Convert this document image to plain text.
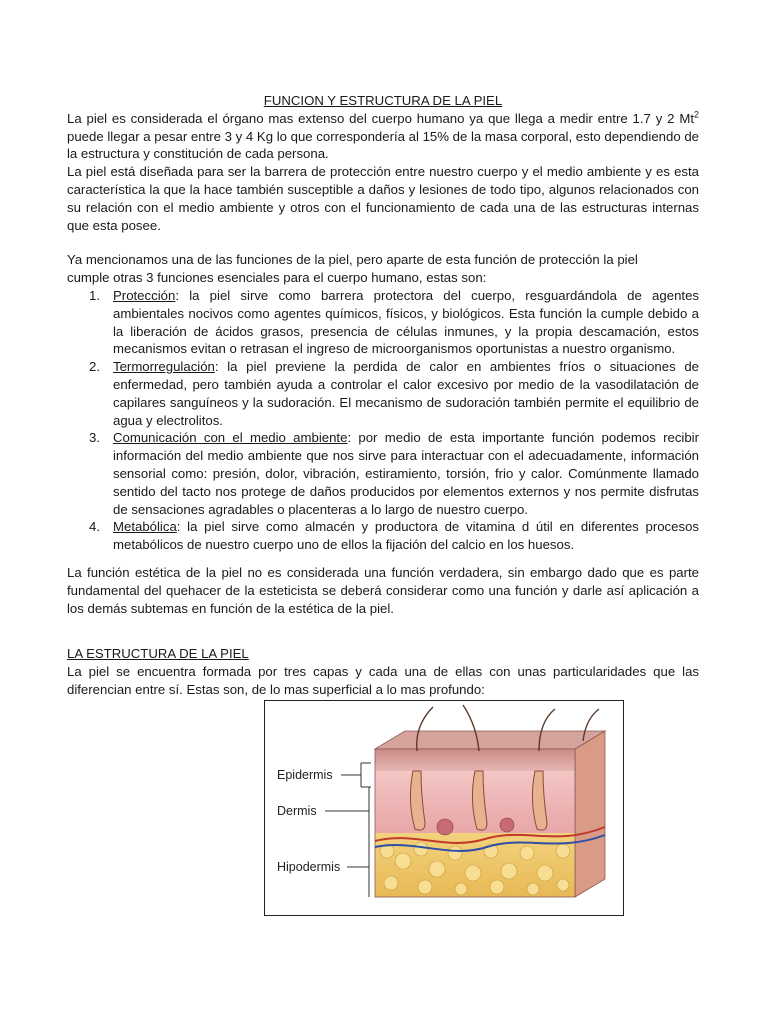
FUNCION Y ESTRUCTURA DE LA PIEL

La piel es considerada el órgano mas extenso del cuerpo humano ya que llega a medir entre 1.7 y 2 Mt$^2$ puede llegar a pesar entre 3 y 4 Kg lo que correspondería al 15% de la masa corporal, esto dependiendo de la estructura y constitución de cada persona.

La piel está diseñada para ser la barrera de protección entre nuestro cuerpo y el medio ambiente y es esta característica la que la hace también susceptible a daños y lesiones de todo tipo, algunos relacionados con su relación con el medio ambiente y otros con el funcionamiento de cada una de las estructuras internas que esta posee.

Ya mencionamos una de las funciones de la piel, pero aparte de esta función de protección la piel cumple otras 3 funciones esenciales para el cuerpo humano, estas son:

1. Protección: la piel sirve como barrera protectora del cuerpo, resguardándola de agentes ambientales nocivos como agentes químicos, físicos, y biológicos. Esta función la cumple debido a la liberación de ácidos grasos, presencia de células inmunes, y la propia descamación, estos mecanismos evitan o retrasan el ingreso de microorganismos oportunistas a nuestro organismo.
2. Termorregulación: la piel previene la perdida de calor en ambientes fríos o situaciones de enfermedad, pero también ayuda a controlar el calor excesivo por medio de la vasodilatación de capilares sanguíneos y la sudoración. El mecanismo de sudoración también permite el equilibrio de agua y electrolitos.
3. Comunicación con el medio ambiente: por medio de esta importante función podemos recibir información del medio ambiente que nos sirve para interactuar con el adecuadamente, información sensorial como: presión, dolor, vibración, estiramiento, torsión, frio y calor. Comúnmente llamado sentido del tacto nos protege de daños producidos por elementos externos y nos permite disfrutas de sensaciones agradables o placenteras a lo largo de nuestro cuerpo.
4. Metabólica: la piel sirve como almacén y productora de vitamina d útil en diferentes procesos metabólicos de nuestro cuerpo uno de ellos la fijación del calcio en los huesos.

La función estética de la piel no es considerada una función verdadera, sin embargo dado que es parte fundamental del quehacer de la esteticista se deberá considerar como una función y darle así aplicación a los demás subtemas en función de la estética de la piel.

LA ESTRUCTURA DE LA PIEL

La piel se encuentra formada por tres capas y cada una de ellas con unas particularidades que las diferencian entre sí. Estas son, de lo mas superficial a lo mas profundo:

Epidermis
Dermis
Hipodermis
